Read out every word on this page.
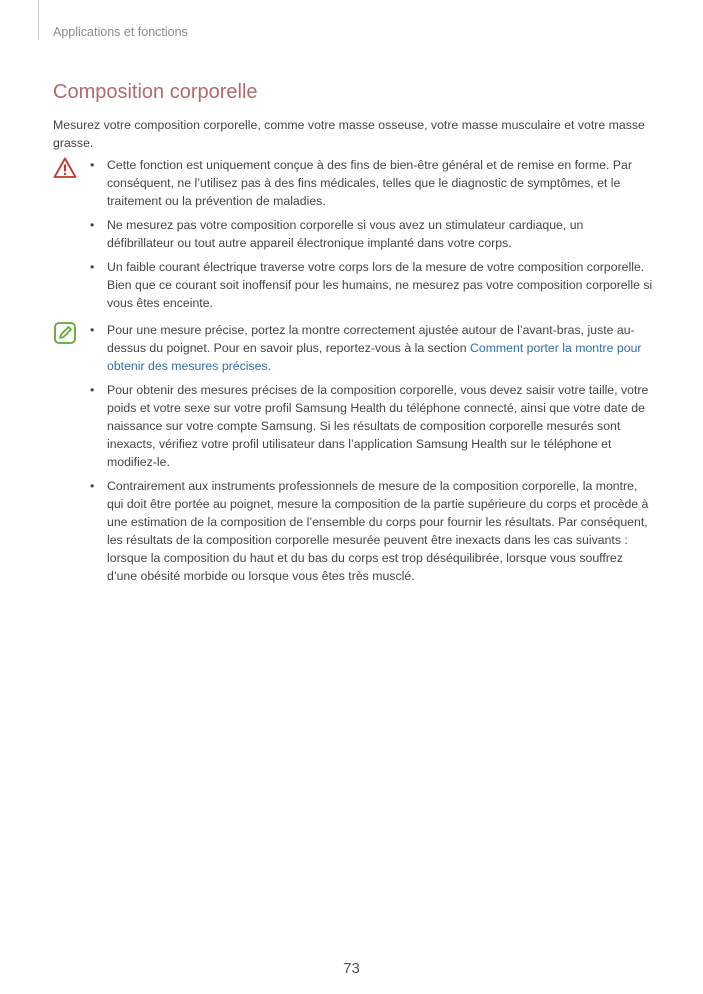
Applications et fonctions
Composition corporelle
Mesurez votre composition corporelle, comme votre masse osseuse, votre masse musculaire et votre masse grasse.
• Cette fonction est uniquement conçue à des fins de bien-être général et de remise en forme. Par conséquent, ne l’utilisez pas à des fins médicales, telles que le diagnostic de symptômes, et le traitement ou la prévention de maladies.
• Ne mesurez pas votre composition corporelle si vous avez un stimulateur cardiaque, un défibrillateur ou tout autre appareil électronique implanté dans votre corps.
• Un faible courant électrique traverse votre corps lors de la mesure de votre composition corporelle. Bien que ce courant soit inoffensif pour les humains, ne mesurez pas votre composition corporelle si vous êtes enceinte.
• Pour une mesure précise, portez la montre correctement ajustée autour de l’avant-bras, juste au-dessus du poignet. Pour en savoir plus, reportez-vous à la section Comment porter la montre pour obtenir des mesures précises.
• Pour obtenir des mesures précises de la composition corporelle, vous devez saisir votre taille, votre poids et votre sexe sur votre profil Samsung Health du téléphone connecté, ainsi que votre date de naissance sur votre compte Samsung. Si les résultats de composition corporelle mesurés sont inexacts, vérifiez votre profil utilisateur dans l’application Samsung Health sur le téléphone et modifiez-le.
• Contrairement aux instruments professionnels de mesure de la composition corporelle, la montre, qui doit être portée au poignet, mesure la composition de la partie supérieure du corps et procède à une estimation de la composition de l’ensemble du corps pour fournir les résultats. Par conséquent, les résultats de la composition corporelle mesurée peuvent être inexacts dans les cas suivants : lorsque la composition du haut et du bas du corps est trop déséquilibrée, lorsque vous souffrez d’une obésité morbide ou lorsque vous êtes très musclé.
73
